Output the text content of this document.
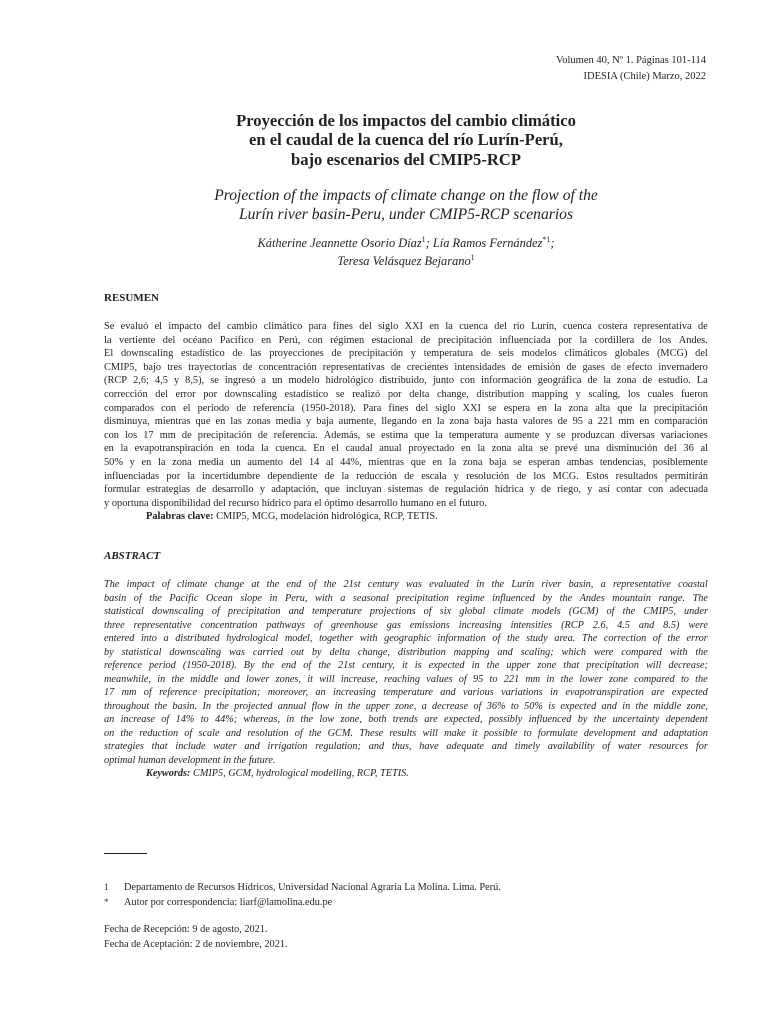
Volumen 40, Nº 1. Páginas 101-114
IDESIA (Chile) Marzo, 2022
Proyección de los impactos del cambio climático
en el caudal de la cuenca del río Lurín-Perú,
bajo escenarios del CMIP5-RCP
Projection of the impacts of climate change on the flow of the
Lurín river basin-Peru, under CMIP5-RCP scenarios
Kátherine Jeannette Osorio Díaz$^1$; Lía Ramos Fernández$^{*1}$;
Teresa Velásquez Bejarano$^1$
RESUMEN
Se evaluó el impacto del cambio climático para fines del siglo XXI en la cuenca del río Lurín, cuenca costera representativa de
la vertiente del océano Pacífico en Perú, con régimen estacional de precipitación influenciada por la cordillera de los Andes.
El downscaling estadístico de las proyecciones de precipitación y temperatura de seis modelos climáticos globales (MCG) del
CMIP5, bajo tres trayectorias de concentración representativas de crecientes intensidades de emisión de gases de efecto invernadero
(RCP 2,6; 4,5 y 8,5), se ingresó a un modelo hidrológico distribuido, junto con información geográfica de la zona de estudio. La
corrección del error por downscaling estadístico se realizó por delta change, distribution mapping y scaling, los cuales fueron
comparados con el periodo de referencia (1950-2018). Para fines del siglo XXI se espera en la zona alta que la precipitación
disminuya, mientras que en las zonas media y baja aumente, llegando en la zona baja hasta valores de 95 a 221 mm en comparación
con los 17 mm de precipitación de referencia. Además, se estima que la temperatura aumente y se produzcan diversas variaciones
en la evapotranspiración en toda la cuenca. En el caudal anual proyectado en la zona alta se prevé una disminución del 36 al
50% y en la zona media un aumento del 14 al 44%, mientras que en la zona baja se esperan ambas tendencias, posiblemente
influenciadas por la incertidumbre dependiente de la reducción de escala y resolución de los MCG. Estos resultados permitirán
formular estrategias de desarrollo y adaptación, que incluyan sistemas de regulación hídrica y de riego, y así contar con adecuada
y oportuna disponibilidad del recurso hídrico para el óptimo desarrollo humano en el futuro.
Palabras clave: CMIP5, MCG, modelación hidrológica, RCP, TETIS.
ABSTRACT
The impact of climate change at the end of the 21st century was evaluated in the Lurín river basin, a representative coastal
basin of the Pacific Ocean slope in Peru, with a seasonal precipitation regime influenced by the Andes mountain range. The
statistical downscaling of precipitation and temperature projections of six global climate models (GCM) of the CMIP5, under
three representative concentration pathways of greenhouse gas emissions increasing intensities (RCP 2.6, 4.5 and 8.5) were
entered into a distributed hydrological model, together with geographic information of the study area. The correction of the error
by statistical downscaling was carried out by delta change, distribution mapping and scaling; which were compared with the
reference period (1950-2018). By the end of the 21st century, it is expected in the upper zone that precipitation will decrease;
meanwhile, in the middle and lower zones, it will increase, reaching values of 95 to 221 mm in the lower zone compared to the
17 mm of reference precipitation; moreover, an increasing temperature and various variations in evapotranspiration are expected
throughout the basin. In the projected annual flow in the upper zone, a decrease of 36% to 50% is expected and in the middle zone,
an increase of 14% to 44%; whereas, in the low zone, both trends are expected, possibly influenced by the uncertainty dependent
on the reduction of scale and resolution of the GCM. These results will make it possible to formulate development and adaptation
strategies that include water and irrigation regulation; and thus, have adequate and timely availability of water resources for
optimal human development in the future.
Keywords: CMIP5, GCM, hydrological modelling, RCP, TETIS.
1	Departamento de Recursos Hídricos, Universidad Nacional Agraria La Molina. Lima. Perú.
*	Autor por correspondencia: liarf@lamolina.edu.pe
Fecha de Recepción: 9 de agosto, 2021.
Fecha de Aceptación: 2 de noviembre, 2021.
